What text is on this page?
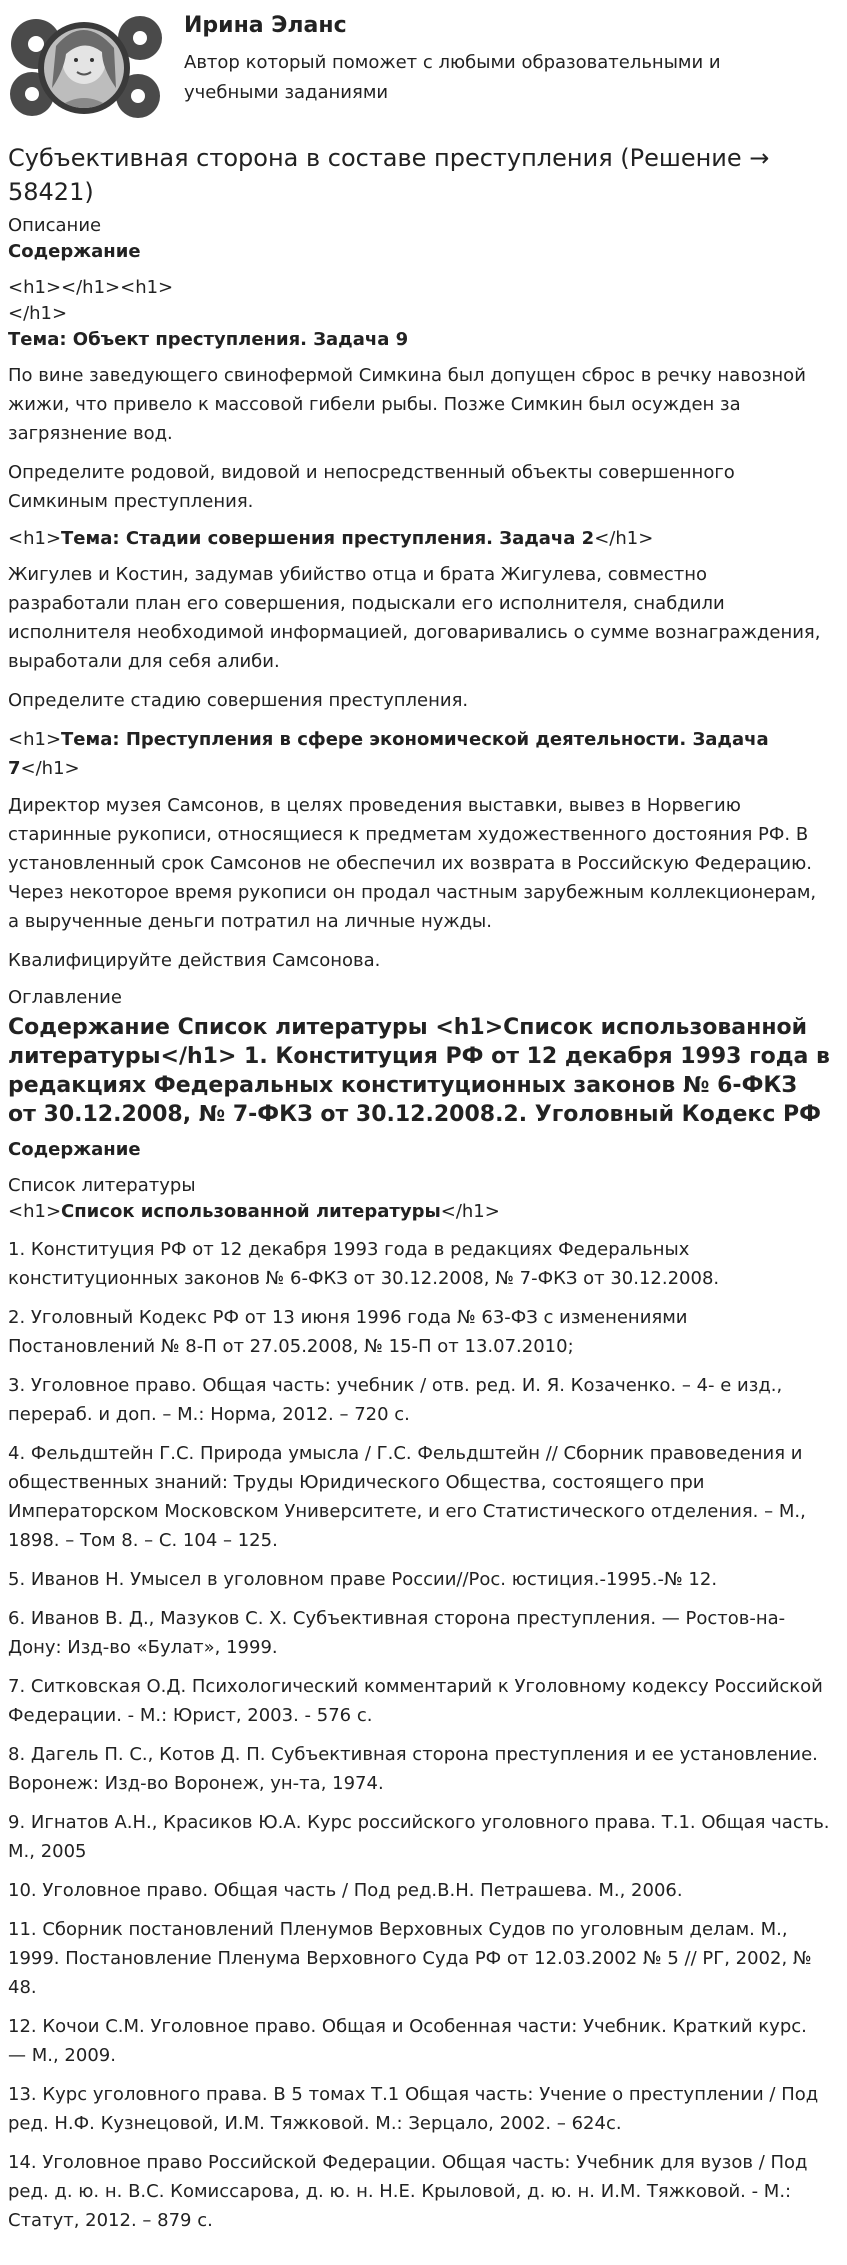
Ирина Эланс
Автор который поможет с любыми образовательными и учебными заданиями
Субъективная сторона в составе преступления (Решение → 58421)
Описание
Содержание
<h1></h1><h1>
</h1>
Тема: Объект преступления. Задача 9

По вине заведующего свинофермой Симкина был допущен сброс в речку навозной жижи, что привело к массовой гибели рыбы. Позже Симкин был осужден за загрязнение вод.

Определите родовой, видовой и непосредственный объекты совершенного Симкиным преступления.

<h1>Тема: Стадии совершения преступления. Задача 2</h1>

Жигулев и Костин, задумав убийство отца и брата Жигулева, совместно разработали план его совершения, подыскали его исполнителя, снабдили исполнителя необходимой информацией, договаривались о сумме вознаграждения, выработали для себя алиби.

Определите стадию совершения преступления.

<h1>Тема: Преступления в сфере экономической деятельности. Задача 7</h1>

Директор музея Самсонов, в целях проведения выставки, вывез в Норвегию старинные рукописи, относящиеся к предметам художественного достояния РФ. В установленный срок Самсонов не обеспечил их возврата в Российскую Федерацию. Через некоторое время рукописи он продал частным зарубежным коллекционерам, а вырученные деньги потратил на личные нужды.

Квалифицируйте действия Самсонова.

Оглавление
Содержание Список литературы <h1>Список использованной литературы</h1> 1. Конституция РФ от 12 декабря 1993 года в редакциях Федеральных конституционных законов № 6-ФКЗ от 30.12.2008, № 7-ФКЗ от 30.12.2008.2. Уголовный Кодекс РФ
Содержание
Список литературы
<h1>Список использованной литературы</h1>
1. Конституция РФ от 12 декабря 1993 года в редакциях Федеральных конституционных законов № 6-ФКЗ от 30.12.2008, № 7-ФКЗ от 30.12.2008.
2. Уголовный Кодекс РФ от 13 июня 1996 года № 63-ФЗ с изменениями Постановлений № 8-П от 27.05.2008, № 15-П от 13.07.2010;
3. Уголовное право. Общая часть: учебник / отв. ред. И. Я. Козаченко. – 4- е изд., перераб. и доп. – М.: Норма, 2012. – 720 с.
4. Фельдштейн Г.С. Природа умысла / Г.С. Фельдштейн // Сборник правоведения и общественных знаний: Труды Юридического Общества, состоящего при Императорском Московском Университете, и его Статистического отделения. – М., 1898. – Том 8. – С. 104 – 125.
5. Иванов Н. Умысел в уголовном праве России//Рос. юстиция.-1995.-№ 12.
6. Иванов В. Д., Мазуков С. Х. Субъективная сторона преступления. — Ростов-на-Дону: Изд-во «Булат», 1999.
7. Ситковская О.Д. Психологический комментарий к Уголовному кодексу Российской Федерации. - М.: Юрист, 2003. - 576 с.
8. Дагель П. С., Котов Д. П. Субъективная сторона преступления и ее установление. Воронеж: Изд-во Воронеж, ун-та, 1974.
9. Игнатов А.Н., Красиков Ю.А. Курс российского уголовного права. Т.1. Общая часть. М., 2005
10. Уголовное право. Общая часть / Под ред.В.Н. Петрашева. М., 2006.
11. Сборник постановлений Пленумов Верховных Судов по уголовным делам. М., 1999. Постановление Пленума Верховного Суда РФ от 12.03.2002 № 5 // РГ, 2002, № 48.
12. Кочои С.М. Уголовное право. Общая и Особенная части: Учебник. Краткий курс. — М., 2009.
13. Курс уголовного права. В 5 томах Т.1 Общая часть: Учение о преступлении / Под ред. Н.Ф. Кузнецовой, И.М. Тяжковой. М.: Зерцало, 2002. – 624с.
14. Уголовное право Российской Федерации. Общая часть: Учебник для вузов / Под ред. д. ю. н. В.С. Комиссарова, д. ю. н. Н.Е. Крыловой, д. ю. н. И.М. Тяжковой. - М.: Статут, 2012. – 879 с.
